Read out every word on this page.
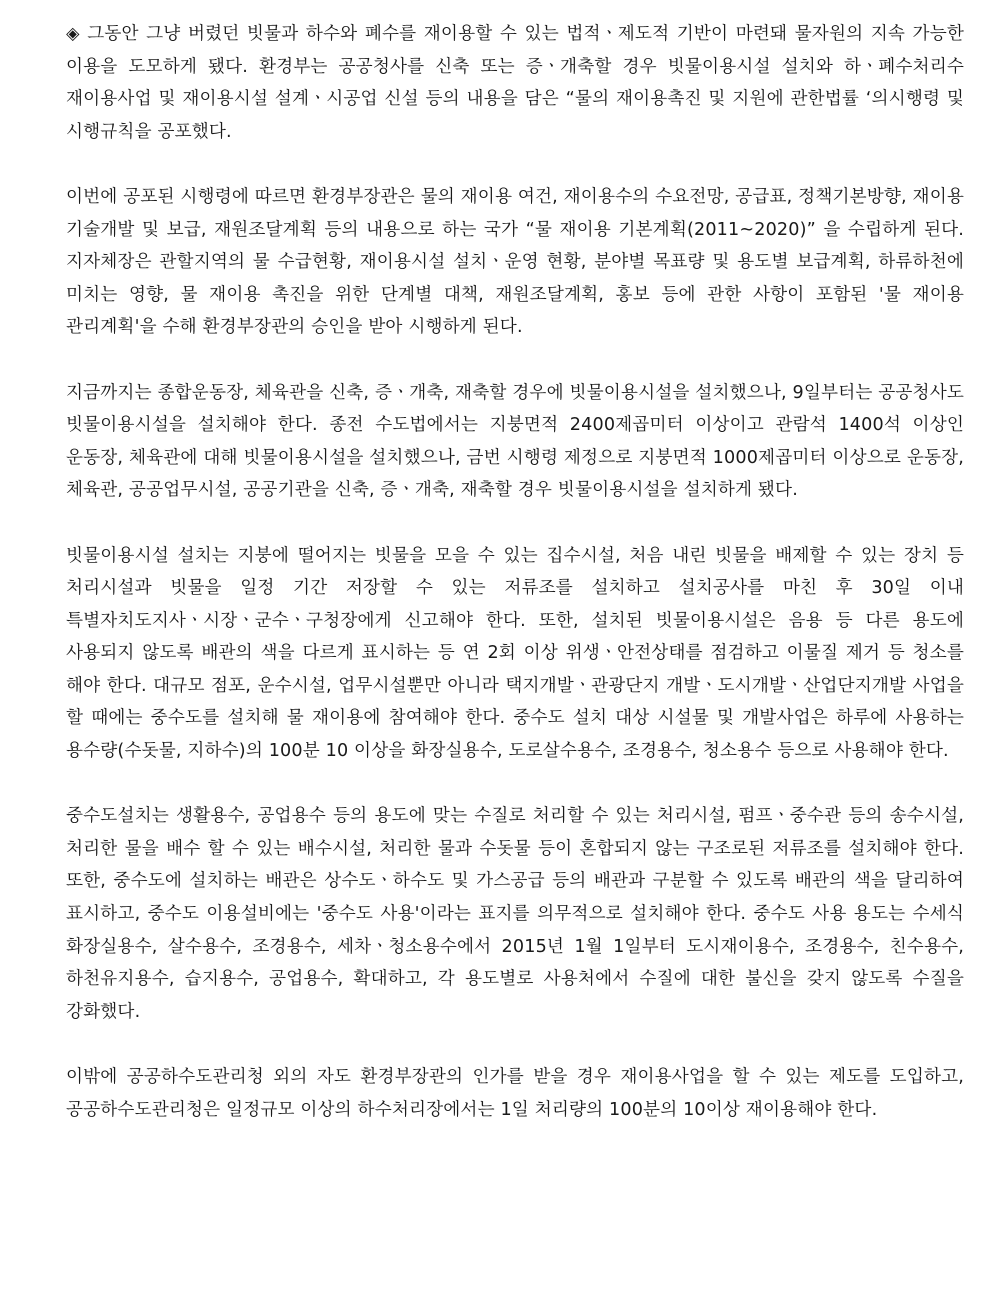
◈ 그동안 그냥 버렸던 빗물과 하수와 폐수를 재이용할 수 있는 법적ㆍ제도적 기반이 마련돼 물자원의 지속 가능한 이용을 도모하게 됐다. 환경부는 공공청사를 신축 또는 증ㆍ개축할 경우 빗물이용시설 설치와 하ㆍ폐수처리수 재이용사업 및 재이용시설 설계ㆍ시공업 신설 등의 내용을 담은 “물의 재이용촉진 및 지원에 관한법률 ‘의시행령 및 시행규칙을 공포했다.

이번에 공포된 시행령에 따르면 환경부장관은 물의 재이용 여건, 재이용수의 수요전망, 공급표, 정책기본방향, 재이용 기술개발 및 보급, 재원조달계획 등의 내용으로 하는 국가 “물 재이용 기본계획(2011~2020)” 을 수립하게 된다. 지자체장은 관할지역의 물 수급현황, 재이용시설 설치ㆍ운영 현황, 분야별 목표량 및 용도별 보급계획, 하류하천에 미치는 영향, 물 재이용 촉진을 위한 단계별 대책, 재원조달계획, 홍보 등에 관한 사항이 포함된 '물 재이용 관리계획'을 수해 환경부장관의 승인을 받아 시행하게 된다.

지금까지는 종합운동장, 체육관을 신축, 증ㆍ개축, 재축할 경우에 빗물이용시설을 설치했으나, 9일부터는 공공청사도 빗물이용시설을 설치해야 한다. 종전 수도법에서는 지붕면적 2400제곱미터 이상이고 관람석 1400석 이상인 운동장, 체육관에 대해 빗물이용시설을 설치했으나, 금번 시행령 제정으로 지붕면적 1000제곱미터 이상으로 운동장, 체육관, 공공업무시설, 공공기관을 신축, 증ㆍ개축, 재축할 경우 빗물이용시설을 설치하게 됐다.

빗물이용시설 설치는 지붕에 떨어지는 빗물을 모을 수 있는 집수시설, 처음 내린 빗물을 배제할 수 있는 장치 등 처리시설과 빗물을 일정 기간 저장할 수 있는 저류조를 설치하고 설치공사를 마친 후 30일 이내 특별자치도지사ㆍ시장ㆍ군수ㆍ구청장에게 신고해야 한다. 또한, 설치된 빗물이용시설은 음용 등 다른 용도에 사용되지 않도록 배관의 색을 다르게 표시하는 등 연 2회 이상 위생ㆍ안전상태를 점검하고 이물질 제거 등 청소를 해야 한다. 대규모 점포, 운수시설, 업무시설뿐만 아니라 택지개발ㆍ관광단지 개발ㆍ도시개발ㆍ산업단지개발 사업을 할 때에는 중수도를 설치해 물 재이용에 참여해야 한다. 중수도 설치 대상 시설물 및 개발사업은 하루에 사용하는 용수량(수돗물, 지하수)의 100분 10 이상을 화장실용수, 도로살수용수, 조경용수, 청소용수 등으로 사용해야 한다.

중수도설치는 생활용수, 공업용수 등의 용도에 맞는 수질로 처리할 수 있는 처리시설, 펌프ㆍ중수관 등의 송수시설, 처리한 물을 배수 할 수 있는 배수시설, 처리한 물과 수돗물 등이 혼합되지 않는 구조로된 저류조를 설치해야 한다. 또한, 중수도에 설치하는 배관은 상수도ㆍ하수도 및 가스공급 등의 배관과 구분할 수 있도록 배관의 색을 달리하여 표시하고, 중수도 이용설비에는 '중수도 사용'이라는 표지를 의무적으로 설치해야 한다. 중수도 사용 용도는 수세식 화장실용수, 살수용수, 조경용수, 세차ㆍ청소용수에서 2015년 1월 1일부터 도시재이용수, 조경용수, 친수용수, 하천유지용수, 습지용수, 공업용수, 확대하고, 각 용도별로 사용처에서 수질에 대한 불신을 갖지 않도록 수질을 강화했다.

이밖에 공공하수도관리청 외의 자도 환경부장관의 인가를 받을 경우 재이용사업을 할 수 있는 제도를 도입하고, 공공하수도관리청은 일정규모 이상의 하수처리장에서는 1일 처리량의 100분의 10이상 재이용해야 한다.
